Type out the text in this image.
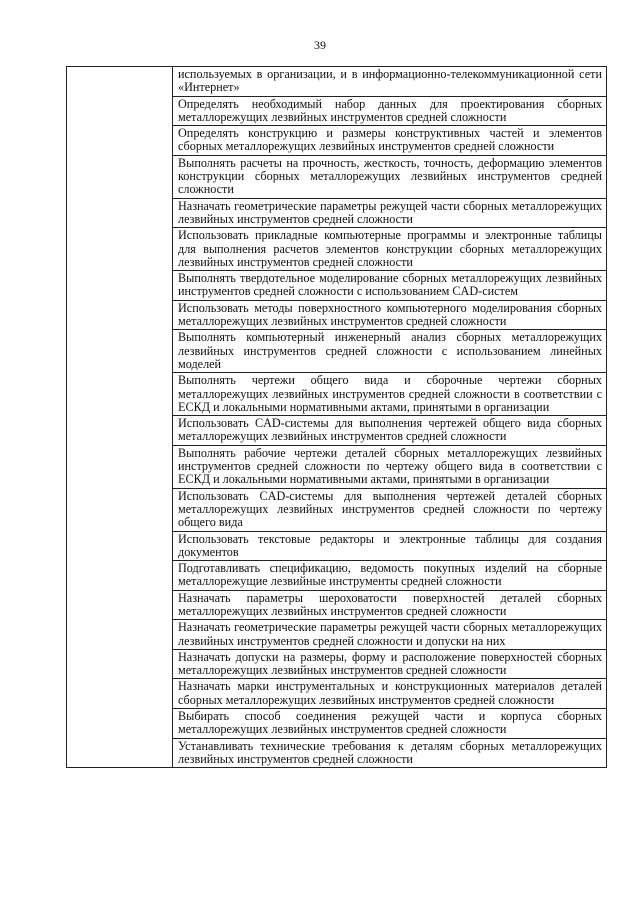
39
	используемых в организации, и в информационно-телекоммуникационной сети «Интернет»
Определять необходимый набор данных для проектирования сборных металлорежущих лезвийных инструментов средней сложности
Определять конструкцию и размеры конструктивных частей и элементов сборных металлорежущих лезвийных инструментов средней сложности
Выполнять расчеты на прочность, жесткость, точность, деформацию элементов конструкции сборных металлорежущих лезвийных инструментов средней сложности
Назначать геометрические параметры режущей части сборных металлорежущих лезвийных инструментов средней сложности
Использовать прикладные компьютерные программы и электронные таблицы для выполнения расчетов элементов конструкции сборных металлорежущих лезвийных инструментов средней сложности
Выполнять твердотельное моделирование сборных металлорежущих лезвийных инструментов средней сложности с использованием CAD-систем
Использовать методы поверхностного компьютерного моделирования сборных металлорежущих лезвийных инструментов средней сложности
Выполнять компьютерный инженерный анализ сборных металлорежущих лезвийных инструментов средней сложности с использованием линейных моделей
Выполнять чертежи общего вида и сборочные чертежи сборных металлорежущих лезвийных инструментов средней сложности в соответствии с ЕСКД и локальными нормативными актами, принятыми в организации
Использовать CAD-системы для выполнения чертежей общего вида сборных металлорежущих лезвийных инструментов средней сложности
Выполнять рабочие чертежи деталей сборных металлорежущих лезвийных инструментов средней сложности по чертежу общего вида в соответствии с ЕСКД и локальными нормативными актами, принятыми в организации
Использовать CAD-системы для выполнения чертежей деталей сборных металлорежущих лезвийных инструментов средней сложности по чертежу общего вида
Использовать текстовые редакторы и электронные таблицы для создания документов
Подготавливать спецификацию, ведомость покупных изделий на сборные металлорежущие лезвийные инструменты средней сложности
Назначать параметры шероховатости поверхностей деталей сборных металлорежущих лезвийных инструментов средней сложности
Назначать геометрические параметры режущей части сборных металлорежущих лезвийных инструментов средней сложности и допуски на них
Назначать допуски на размеры, форму и расположение поверхностей сборных металлорежущих лезвийных инструментов средней сложности
Назначать марки инструментальных и конструкционных материалов деталей сборных металлорежущих лезвийных инструментов средней сложности
Выбирать способ соединения режущей части и корпуса сборных металлорежущих лезвийных инструментов средней сложности
Устанавливать технические требования к деталям сборных металлорежущих лезвийных инструментов средней сложности
